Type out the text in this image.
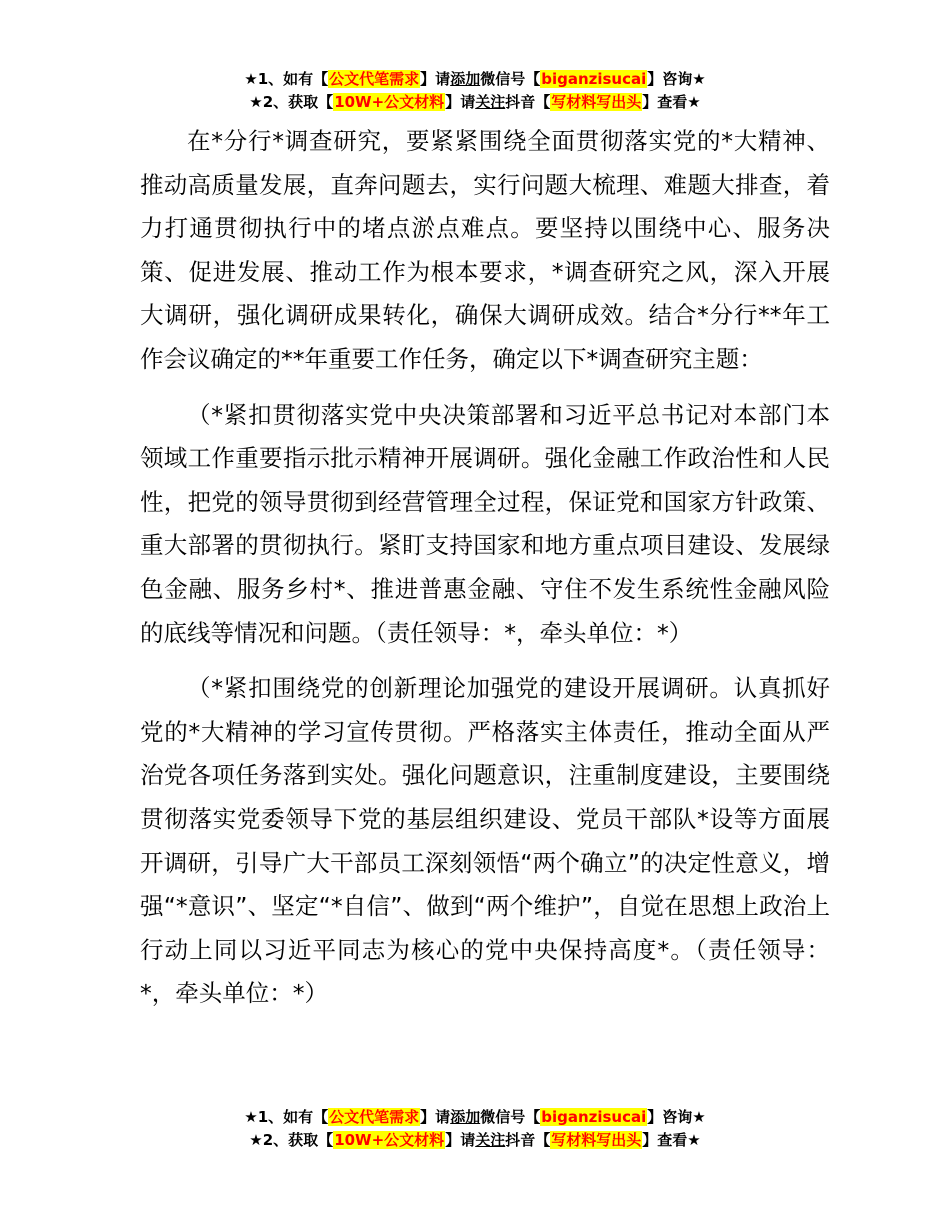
★1、如有【公文代笔需求】请添加微信号【biganzisucai】咨询★
★2、获取【10W+公文材料】请关注抖音【写材料写出头】查看★

在*分行*调查研究，要紧紧围绕全面贯彻落实党的*大精神、推动高质量发展，直奔问题去，实行问题大梳理、难题大排查，着力打通贯彻执行中的堵点淤点难点。要坚持以围绕中心、服务决策、促进发展、推动工作为根本要求，*调查研究之风，深入开展大调研，强化调研成果转化，确保大调研成效。结合*分行**年工作会议确定的**年重要工作任务，确定以下*调查研究主题：

（*紧扣贯彻落实党中央决策部署和习近平总书记对本部门本领域工作重要指示批示精神开展调研。强化金融工作政治性和人民性，把党的领导贯彻到经营管理全过程，保证党和国家方针政策、重大部署的贯彻执行。紧盯支持国家和地方重点项目建设、发展绿色金融、服务乡村*、推进普惠金融、守住不发生系统性金融风险的底线等情况和问题。（责任领导：*，牵头单位：*）

（*紧扣围绕党的创新理论加强党的建设开展调研。认真抓好党的*大精神的学习宣传贯彻。严格落实主体责任，推动全面从严治党各项任务落到实处。强化问题意识，注重制度建设，主要围绕贯彻落实党委领导下党的基层组织建设、党员干部队*设等方面展开调研，引导广大干部员工深刻领悟“两个确立”的决定性意义，增强“*意识”、坚定“*自信”、做到“两个维护”，自觉在思想上政治上行动上同以习近平同志为核心的党中央保持高度*。（责任领导：*，牵头单位：*）

★1、如有【公文代笔需求】请添加微信号【biganzisucai】咨询★
★2、获取【10W+公文材料】请关注抖音【写材料写出头】查看★
